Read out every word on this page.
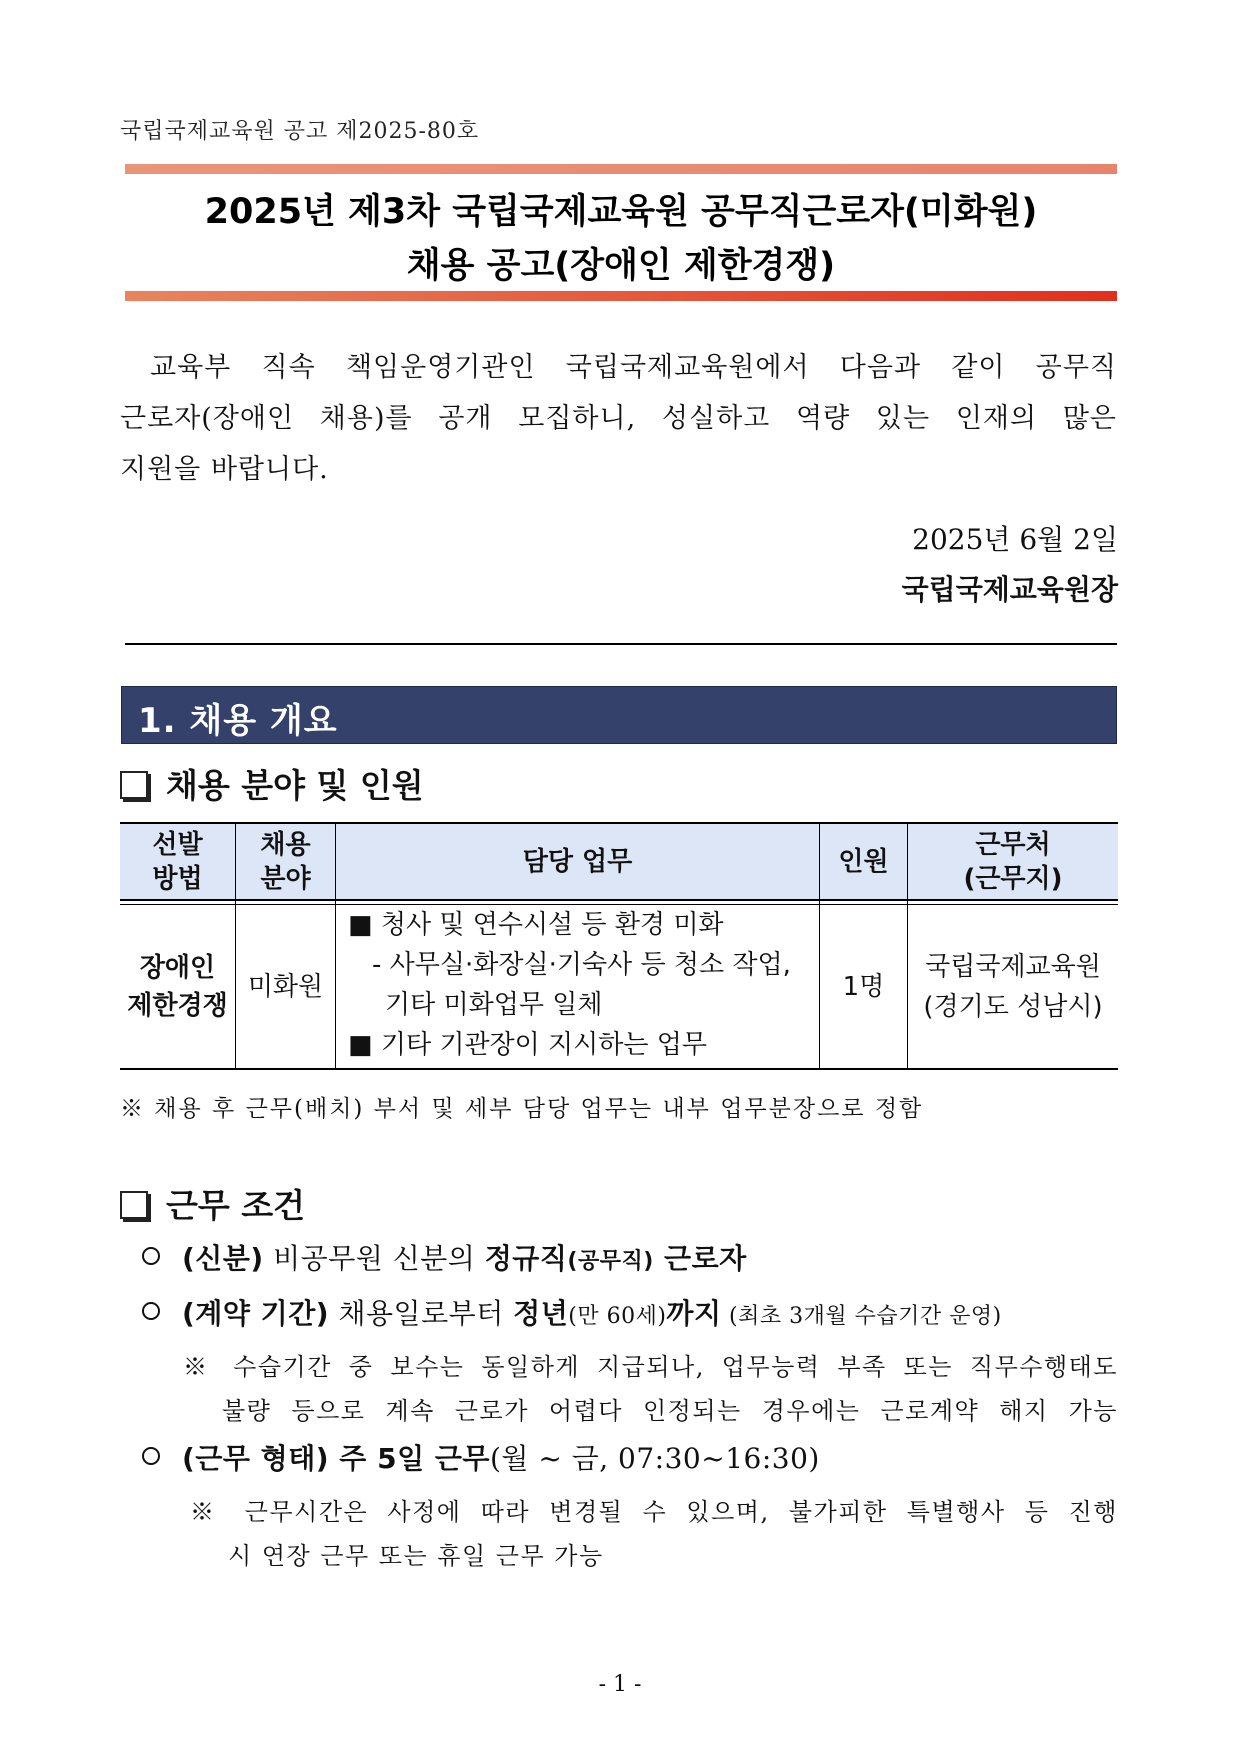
국립국제교육원 공고 제2025-80호
2025년 제3차 국립국제교육원 공무직근로자(미화원)
채용 공고(장애인 제한경쟁)
교육부 직속 책임운영기관인 국립국제교육원에서 다음과 같이 공무직
근로자(장애인 채용)를 공개 모집하니, 성실하고 역량 있는 인재의 많은
지원을 바랍니다.
2025년 6월 2일
국립국제교육원장
1. 채용 개요
채용 분야 및 인원
선발
방법
채용
분야
담당 업무	인원
근무처
(근무지)
장애인
제한경쟁
미화원
■ 청사 및 연수시설 등 환경 미화
- 사무실·화장실·기숙사 등 청소 작업,
기타 미화업무 일체
■ 기타 기관장이 지시하는 업무
1명
국립국제교육원
(경기도 성남시)
※ 채용 후 근무(배치) 부서 및 세부 담당 업무는 내부 업무분장으로 정함
근무 조건
(신분) 비공무원 신분의 정규직(공무직) 근로자
(계약 기간) 채용일로부터 정년(만 60세)까지 (최초 3개월 수습기간 운영)
※ 수습기간 중 보수는 동일하게 지급되나, 업무능력 부족 또는 직무수행태도
불량 등으로 계속 근로가 어렵다 인정되는 경우에는 근로계약 해지 가능
(근무 형태) 주 5일 근무(월 ~ 금, 07:30~16:30)
※ 근무시간은 사정에 따라 변경될 수 있으며, 불가피한 특별행사 등 진행
시 연장 근무 또는 휴일 근무 가능
- 1 -
